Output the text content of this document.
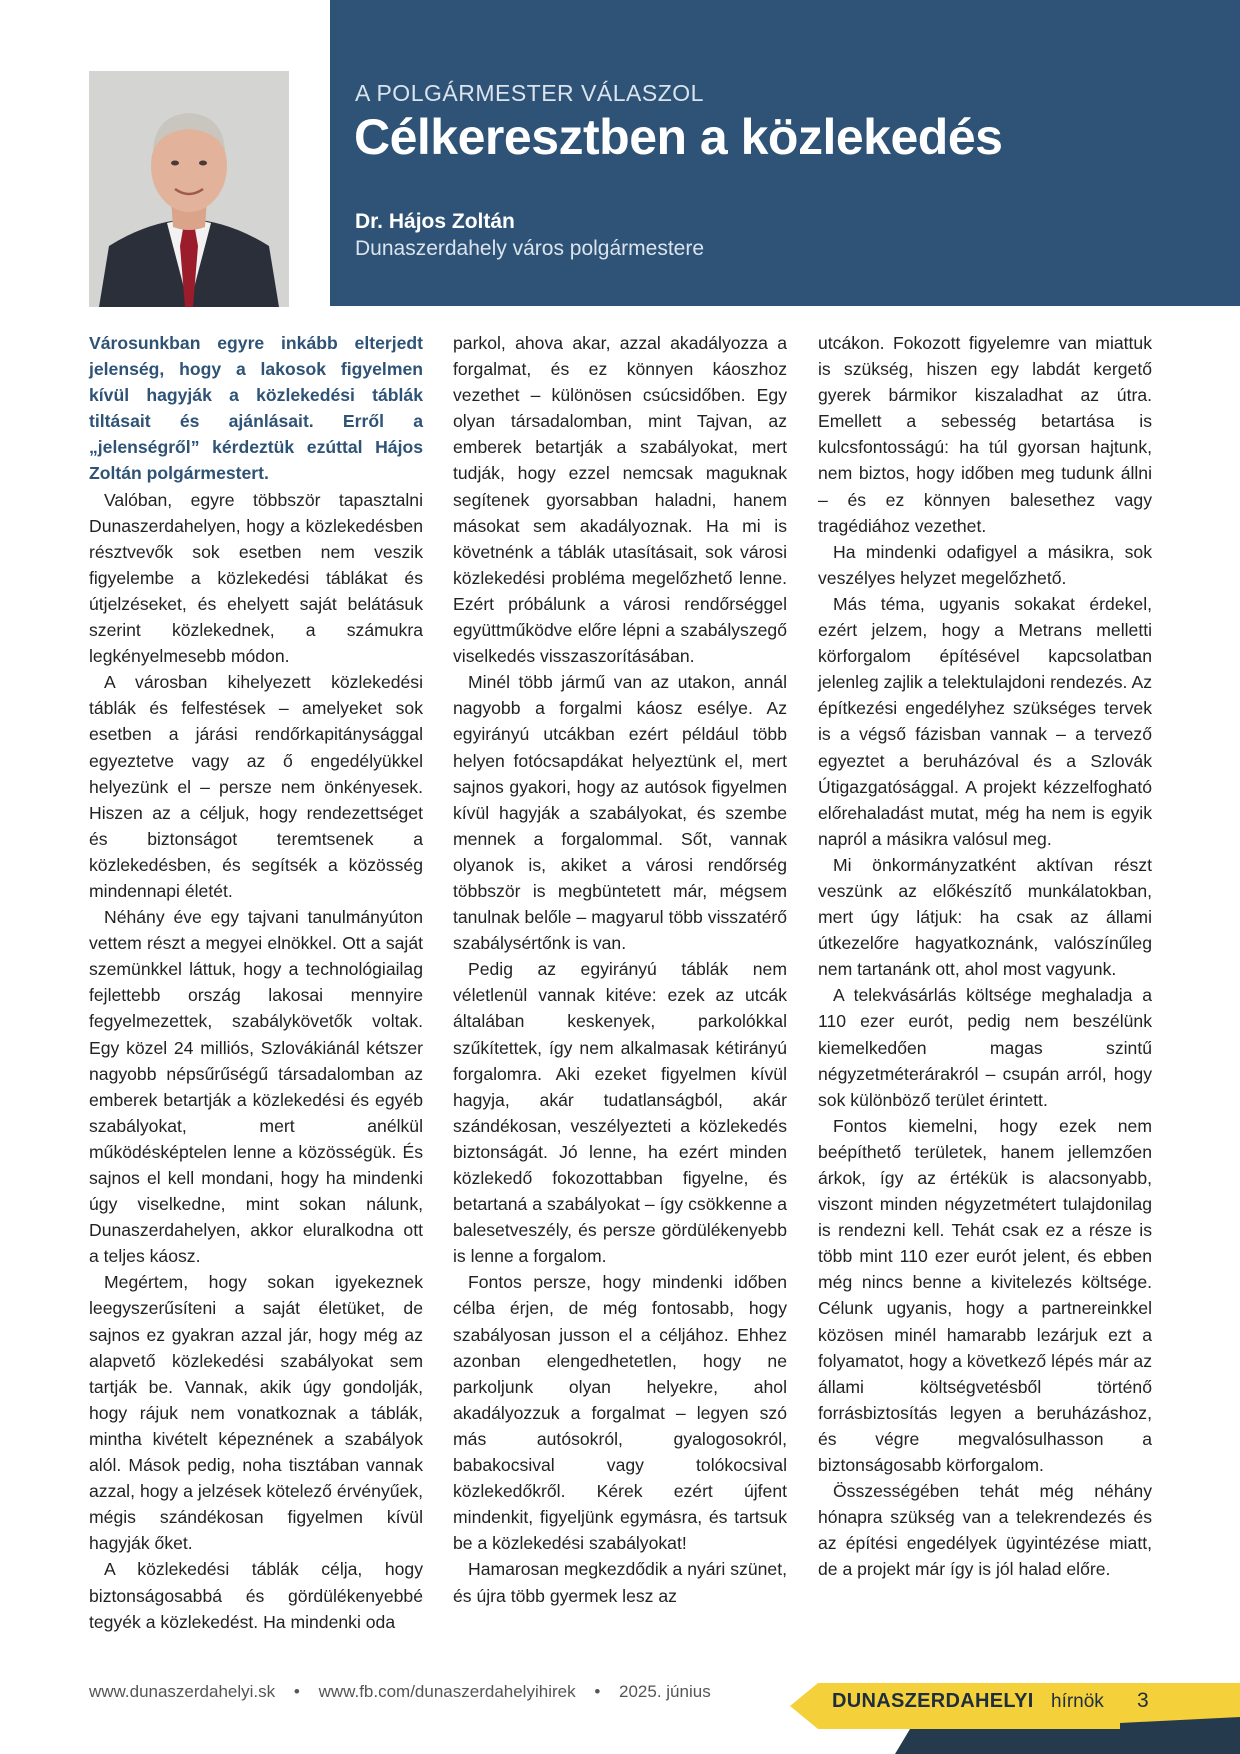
A POLGÁRMESTER VÁLASZOL
Célkeresztben a közlekedés
Dr. Hájos Zoltán
Dunaszerdahely város polgármestere

Városunkban egyre inkább elterjedt jelenség, hogy a lakosok figyelmen kívül hagyják a közlekedési táblák tiltásait és ajánlásait. Erről a „jelenségről” kérdeztük ezúttal Hájos Zoltán polgármestert.

Valóban, egyre többször tapasztalni Dunaszerdahelyen, hogy a közlekedésben résztvevők sok esetben nem veszik figyelembe a közlekedési táblákat és útjelzéseket, és ehelyett saját belátásuk szerint közlekednek, a számukra legkényelmesebb módon.

A városban kihelyezett közlekedési táblák és felfestések – amelyeket sok esetben a járási rendőrkapitánysággal egyeztetve vagy az ő engedélyükkel helyezünk el – persze nem önkényesek. Hiszen az a céljuk, hogy rendezettséget és biztonságot teremtsenek a közlekedésben, és segítsék a közösség mindennapi életét.

Néhány éve egy tajvani tanulmányúton vettem részt a megyei elnökkel. Ott a saját szemünkkel láttuk, hogy a technológiailag fejlettebb ország lakosai mennyire fegyelmezettek, szabálykövetők voltak. Egy közel 24 milliós, Szlovákiánál kétszer nagyobb népsűrűségű társadalomban az emberek betartják a közlekedési és egyéb szabályokat, mert anélkül működésképtelen lenne a közösségük. És sajnos el kell mondani, hogy ha mindenki úgy viselkedne, mint sokan nálunk, Dunaszerdahelyen, akkor eluralkodna ott a teljes káosz.

Megértem, hogy sokan igyekeznek leegyszerűsíteni a saját életüket, de sajnos ez gyakran azzal jár, hogy még az alapvető közlekedési szabályokat sem tartják be. Vannak, akik úgy gondolják, hogy rájuk nem vonatkoznak a táblák, mintha kivételt képeznének a szabályok alól. Mások pedig, noha tisztában vannak azzal, hogy a jelzések kötelező érvényűek, mégis szándékosan figyelmen kívül hagyják őket.

A közlekedési táblák célja, hogy biztonságosabbá és gördülékenyebbé tegyék a közlekedést. Ha mindenki oda

parkol, ahova akar, azzal akadályozza a forgalmat, és ez könnyen káoszhoz vezethet – különösen csúcsidőben. Egy olyan társadalomban, mint Tajvan, az emberek betartják a szabályokat, mert tudják, hogy ezzel nemcsak maguknak segítenek gyorsabban haladni, hanem másokat sem akadályoznak. Ha mi is követnénk a táblák utasításait, sok városi közlekedési probléma megelőzhető lenne. Ezért próbálunk a városi rendőrséggel együttműködve előre lépni a szabályszegő viselkedés visszaszorításában.

Minél több jármű van az utakon, annál nagyobb a forgalmi káosz esélye. Az egyirányú utcákban ezért például több helyen fotócsapdákat helyeztünk el, mert sajnos gyakori, hogy az autósok figyelmen kívül hagyják a szabályokat, és szembe mennek a forgalommal. Sőt, vannak olyanok is, akiket a városi rendőrség többször is megbüntetett már, mégsem tanulnak belőle – magyarul több visszatérő szabálysértőnk is van.

Pedig az egyirányú táblák nem véletlenül vannak kitéve: ezek az utcák általában keskenyek, parkolókkal szűkítettek, így nem alkalmasak kétirányú forgalomra. Aki ezeket figyelmen kívül hagyja, akár tudatlanságból, akár szándékosan, veszélyezteti a közlekedés biztonságát. Jó lenne, ha ezért minden közlekedő fokozottabban figyelne, és betartaná a szabályokat – így csökkenne a balesetveszély, és persze gördülékenyebb is lenne a forgalom.

Fontos persze, hogy mindenki időben célba érjen, de még fontosabb, hogy szabályosan jusson el a céljához. Ehhez azonban elengedhetetlen, hogy ne parkoljunk olyan helyekre, ahol akadályozzuk a forgalmat – legyen szó más autósokról, gyalogosokról, babakocsival vagy tolókocsival közlekedőkről. Kérek ezért újfent mindenkit, figyeljünk egymásra, és tartsuk be a közlekedési szabályokat!

Hamarosan megkezdődik a nyári szünet, és újra több gyermek lesz az

utcákon. Fokozott figyelemre van miattuk is szükség, hiszen egy labdát kergető gyerek bármikor kiszaladhat az útra. Emellett a sebesség betartása is kulcsfontosságú: ha túl gyorsan hajtunk, nem biztos, hogy időben meg tudunk állni – és ez könnyen balesethez vagy tragédiához vezethet.

Ha mindenki odafigyel a másikra, sok veszélyes helyzet megelőzhető.

Más téma, ugyanis sokakat érdekel, ezért jelzem, hogy a Metrans melletti körforgalom építésével kapcsolatban jelenleg zajlik a telektulajdoni rendezés. Az építkezési engedélyhez szükséges tervek is a végső fázisban vannak – a tervező egyeztet a beruházóval és a Szlovák Útigazgatósággal. A projekt kézzelfogható előrehaladást mutat, még ha nem is egyik napról a másikra valósul meg.

Mi önkormányzatként aktívan részt veszünk az előkészítő munkálatokban, mert úgy látjuk: ha csak az állami útkezelőre hagyatkoznánk, valószínűleg nem tartanánk ott, ahol most vagyunk.

A telekvásárlás költsége meghaladja a 110 ezer eurót, pedig nem beszélünk kiemelkedően magas szintű négyzetméterárakról – csupán arról, hogy sok különböző terület érintett.

Fontos kiemelni, hogy ezek nem beépíthető területek, hanem jellemzően árkok, így az értékük is alacsonyabb, viszont minden négyzetmétert tulajdonilag is rendezni kell. Tehát csak ez a része is több mint 110 ezer eurót jelent, és ebben még nincs benne a kivitelezés költsége. Célunk ugyanis, hogy a partnereinkkel közösen minél hamarabb lezárjuk ezt a folyamatot, hogy a következő lépés már az állami költségvetésből történő forrásbiztosítás legyen a beruházáshoz, és végre megvalósulhasson a biztonságosabb körforgalom.

Összességében tehát még néhány hónapra szükség van a telekrendezés és az építési engedélyek ügyintézése miatt, de a projekt már így is jól halad előre.

www.dunaszerdahelyi.sk • www.fb.com/dunaszerdahelyihirek • 2025. június	DUNASZERDAHELYI hírnök 3
